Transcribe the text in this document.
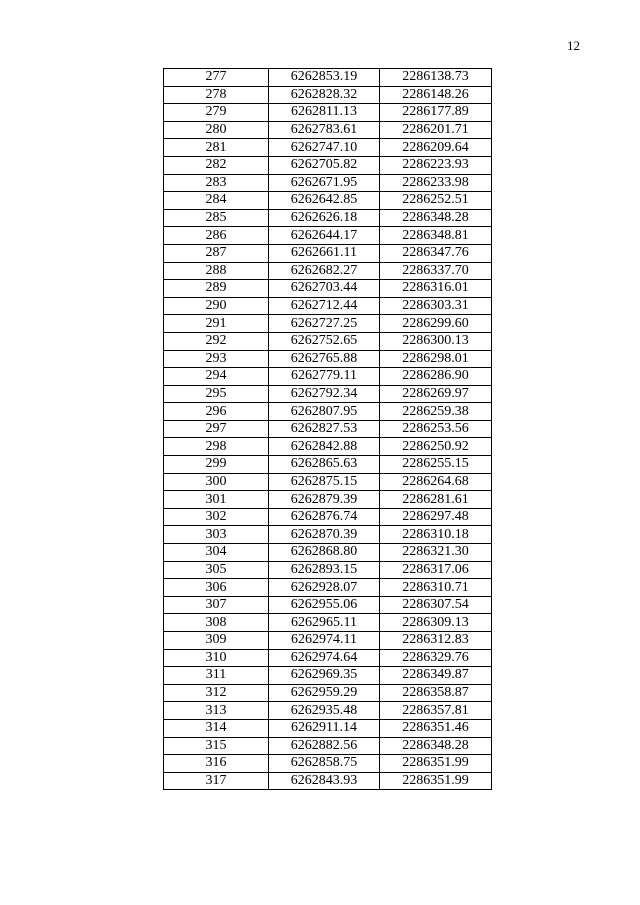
12
277	6262853.19	2286138.73
278	6262828.32	2286148.26
279	6262811.13	2286177.89
280	6262783.61	2286201.71
281	6262747.10	2286209.64
282	6262705.82	2286223.93
283	6262671.95	2286233.98
284	6262642.85	2286252.51
285	6262626.18	2286348.28
286	6262644.17	2286348.81
287	6262661.11	2286347.76
288	6262682.27	2286337.70
289	6262703.44	2286316.01
290	6262712.44	2286303.31
291	6262727.25	2286299.60
292	6262752.65	2286300.13
293	6262765.88	2286298.01
294	6262779.11	2286286.90
295	6262792.34	2286269.97
296	6262807.95	2286259.38
297	6262827.53	2286253.56
298	6262842.88	2286250.92
299	6262865.63	2286255.15
300	6262875.15	2286264.68
301	6262879.39	2286281.61
302	6262876.74	2286297.48
303	6262870.39	2286310.18
304	6262868.80	2286321.30
305	6262893.15	2286317.06
306	6262928.07	2286310.71
307	6262955.06	2286307.54
308	6262965.11	2286309.13
309	6262974.11	2286312.83
310	6262974.64	2286329.76
311	6262969.35	2286349.87
312	6262959.29	2286358.87
313	6262935.48	2286357.81
314	6262911.14	2286351.46
315	6262882.56	2286348.28
316	6262858.75	2286351.99
317	6262843.93	2286351.99
